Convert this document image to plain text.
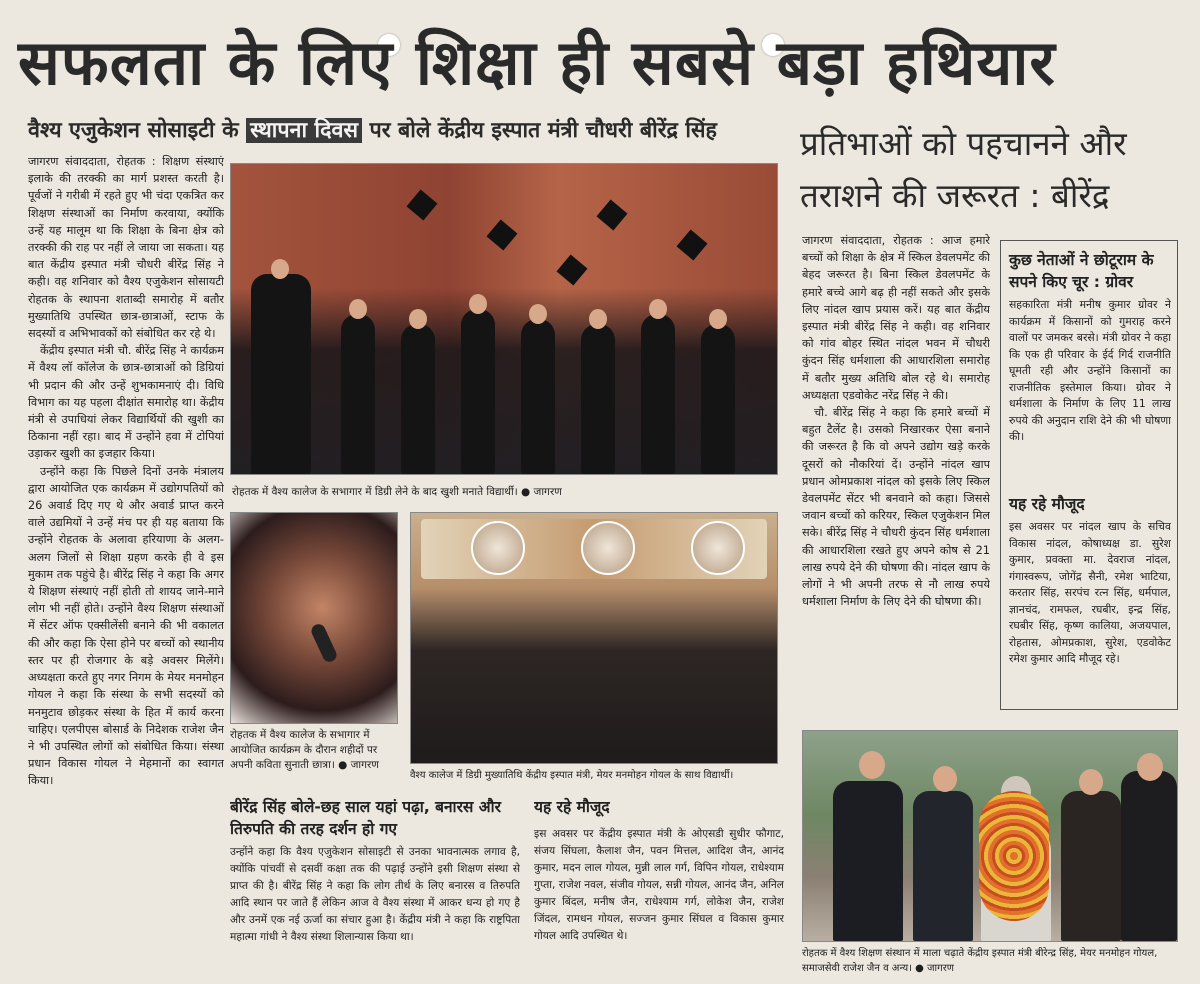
सफलता के लिए शिक्षा ही सबसे बड़ा हथियार
वैश्य एजुकेशन सोसाइटी के स्थापना दिवस पर बोले केंद्रीय इस्पात मंत्री चौधरी बीरेंद्र सिंह	प्रतिभाओं को पहचानने और तराशने की जरूरत : बीरेंद्र

जागरण संवाददाता, रोहतक : शिक्षण संस्थाएं इलाके की तरक्की का मार्ग प्रशस्त करती है। पूर्वजों ने गरीबी में रहते हुए भी चंदा एकत्रित कर शिक्षण संस्थाओं का निर्माण करवाया, क्योंकि उन्हें यह मालूम था कि शिक्षा के बिना क्षेत्र को तरक्की की राह पर नहीं ले जाया जा सकता। यह बात केंद्रीय इस्पात मंत्री चौधरी बीरेंद्र सिंह ने कही। वह शनिवार को वैश्य एजुकेशन सोसायटी रोहतक के स्थापना शताब्दी समारोह में बतौर मुख्यातिथि उपस्थित छात्र-छात्राओं, स्टाफ के सदस्यों व अभिभावकों को संबोधित कर रहे थे।

केंद्रीय इस्पात मंत्री चौ. बीरेंद्र सिंह ने कार्यक्रम में वैश्य लॉ कॉलेज के छात्र-छात्राओं को डिग्रियां भी प्रदान की और उन्हें शुभकामनाएं दी। विधि विभाग का यह पहला दीक्षांत समारोह था। केंद्रीय मंत्री से उपाधियां लेकर विद्यार्थियों की खुशी का ठिकाना नहीं रहा। बाद में उन्होंने हवा में टोपियां उड़ाकर खुशी का इजहार किया।

उन्होंने कहा कि पिछले दिनों उनके मंत्रालय द्वारा आयोजित एक कार्यक्रम में उद्योगपतियों को 26 अवार्ड दिए गए थे और अवार्ड प्राप्त करने वाले उद्यमियों ने उन्हें मंच पर ही यह बताया कि उन्होंने रोहतक के अलावा हरियाणा के अलग-अलग जिलों से शिक्षा ग्रहण करके ही वे इस मुकाम तक पहुंचे है। बीरेंद्र सिंह ने कहा कि अगर ये शिक्षण संस्थाएं नहीं होती तो शायद जाने-माने लोग भी नहीं होते। उन्होंने वैश्य शिक्षण संस्थाओं में सेंटर ऑफ एक्सीलेंसी बनाने की भी वकालत की और कहा कि ऐसा होने पर बच्चों को स्थानीय स्तर पर ही रोजगार के बड़े अवसर मिलेंगे। अध्यक्षता करते हुए नगर निगम के मेयर मनमोहन गोयल ने कहा कि संस्था के सभी सदस्यों को मनमुटाव छोड़कर संस्था के हित में कार्य करना चाहिए। एलपीएस बोसार्ड के निदेशक राजेश जैन ने भी उपस्थित लोगों को संबोधित किया। संस्था प्रधान विकास गोयल ने मेहमानों का स्वागत किया।

रोहतक में वैश्य कालेज के सभागार में डिग्री लेने के बाद खुशी मनाते विद्यार्थी। ● जागरण
रोहतक में वैश्य कालेज के सभागार में आयोजित कार्यक्रम के दौरान शहीदों पर अपनी कविता सुनाती छात्रा। ● जागरण
वैश्य कालेज में डिग्री मुख्यातिथि केंद्रीय इस्पात मंत्री, मेयर मनमोहन गोयल के साथ विद्यार्थी।
बीरेंद्र सिंह बोले-छह साल यहां पढ़ा, बनारस और तिरुपति की तरह दर्शन हो गए

उन्होंने कहा कि वैश्य एजुकेशन सोसाइटी से उनका भावनात्मक लगाव है, क्योंकि पांचवीं से दसवीं कक्षा तक की पढ़ाई उन्होंने इसी शिक्षण संस्था से प्राप्त की है। बीरेंद्र सिंह ने कहा कि लोग तीर्थ के लिए बनारस व तिरुपति आदि स्थान पर जाते हैं लेकिन आज वे वैश्य संस्था में आकर धन्य हो गए है और उनमें एक नई ऊर्जा का संचार हुआ है। केंद्रीय मंत्री ने कहा कि राष्ट्रपिता महात्मा गांधी ने वैश्य संस्था शिलान्यास किया था।

यह रहे मौजूद

इस अवसर पर केंद्रीय इस्पात मंत्री के ओएसडी सुधीर फौगाट, संजय सिंघला, कैलाश जैन, पवन मित्तल, आदिश जैन, आनंद कुमार, मदन लाल गोयल, मुन्नी लाल गर्ग, विपिन गोयल, राधेश्याम गुप्ता, राजेश नवल, संजीव गोयल, सन्नी गोयल, आनंद जैन, अनिल कुमार बिंदल, मनीष जैन, राधेश्याम गर्ग, लोकेश जैन, राजेश जिंदल, रामधन गोयल, सज्जन कुमार सिंघल व विकास कुमार गोयल आदि उपस्थित थे।

जागरण संवाददाता, रोहतक : आज हमारे बच्चों को शिक्षा के क्षेत्र में स्किल डेवलपमेंट की बेहद जरूरत है। बिना स्किल डेवलपमेंट के हमारे बच्चे आगे बढ़ ही नहीं सकते और इसके लिए नांदल खाप प्रयास करें। यह बात केंद्रीय इस्पात मंत्री बीरेंद्र सिंह ने कही। वह शनिवार को गांव बोहर स्थित नांदल भवन में चौधरी कुंदन सिंह धर्मशाला की आधारशिला समारोह में बतौर मुख्य अतिथि बोल रहे थे। समारोह अध्यक्षता एडवोकेट नरेंद्र सिंह ने की।

चौ. बीरेंद्र सिंह ने कहा कि हमारे बच्चों में बहुत टैलेंट है। उसको निखारकर ऐसा बनाने की जरूरत है कि वो अपने उद्योग खड़े करके दूसरों को नौकरियां दें। उन्होंने नांदल खाप प्रधान ओमप्रकाश नांदल को इसके लिए स्किल डेवलपमेंट सेंटर भी बनवाने को कहा। जिससे जवान बच्चों को करियर, स्किल एजुकेशन मिल सके। बीरेंद्र सिंह ने चौधरी कुंदन सिंह धर्मशाला की आधारशिला रखते हुए अपने कोष से 21 लाख रुपये देने की घोषणा की। नांदल खाप के लोगों ने भी अपनी तरफ से नौ लाख रुपये धर्मशाला निर्माण के लिए देने की घोषणा की।

कुछ नेताओं ने छोटूराम के सपने किए चूर : ग्रोवर

सहकारिता मंत्री मनीष कुमार ग्रोवर ने कार्यक्रम में किसानों को गुमराह करने वालों पर जमकर बरसे। मंत्री ग्रोवर ने कहा कि एक ही परिवार के ईर्द गिर्द राजनीति घूमती रही और उन्होंने किसानों का राजनीतिक इस्तेमाल किया। ग्रोवर ने धर्मशाला के निर्माण के लिए 11 लाख रुपये की अनुदान राशि देने की भी घोषणा की।

यह रहे मौजूद

इस अवसर पर नांदल खाप के सचिव विकास नांदल, कोषाध्यक्ष डा. सुरेश कुमार, प्रवक्ता मा. देवराज नांदल, गंगास्वरूप, जोगेंद्र सैनी, रमेश भाटिया, करतार सिंह, सरपंच रत्न सिंह, धर्मपाल, ज्ञानचंद, रामफल, रघबीर, इन्द्र सिंह, रघबीर सिंह, कृष्ण कालिया, अजयपाल, रोहतास, ओमप्रकाश, सुरेश, एडवोकेट रमेश कुमार आदि मौजूद रहे।

रोहतक में वैश्य शिक्षण संस्थान में माला चढ़ाते केंद्रीय इस्पात मंत्री बीरेन्द्र सिंह, मेयर मनमोहन गोयल, समाजसेवी राजेश जैन व अन्य। ● जागरण
